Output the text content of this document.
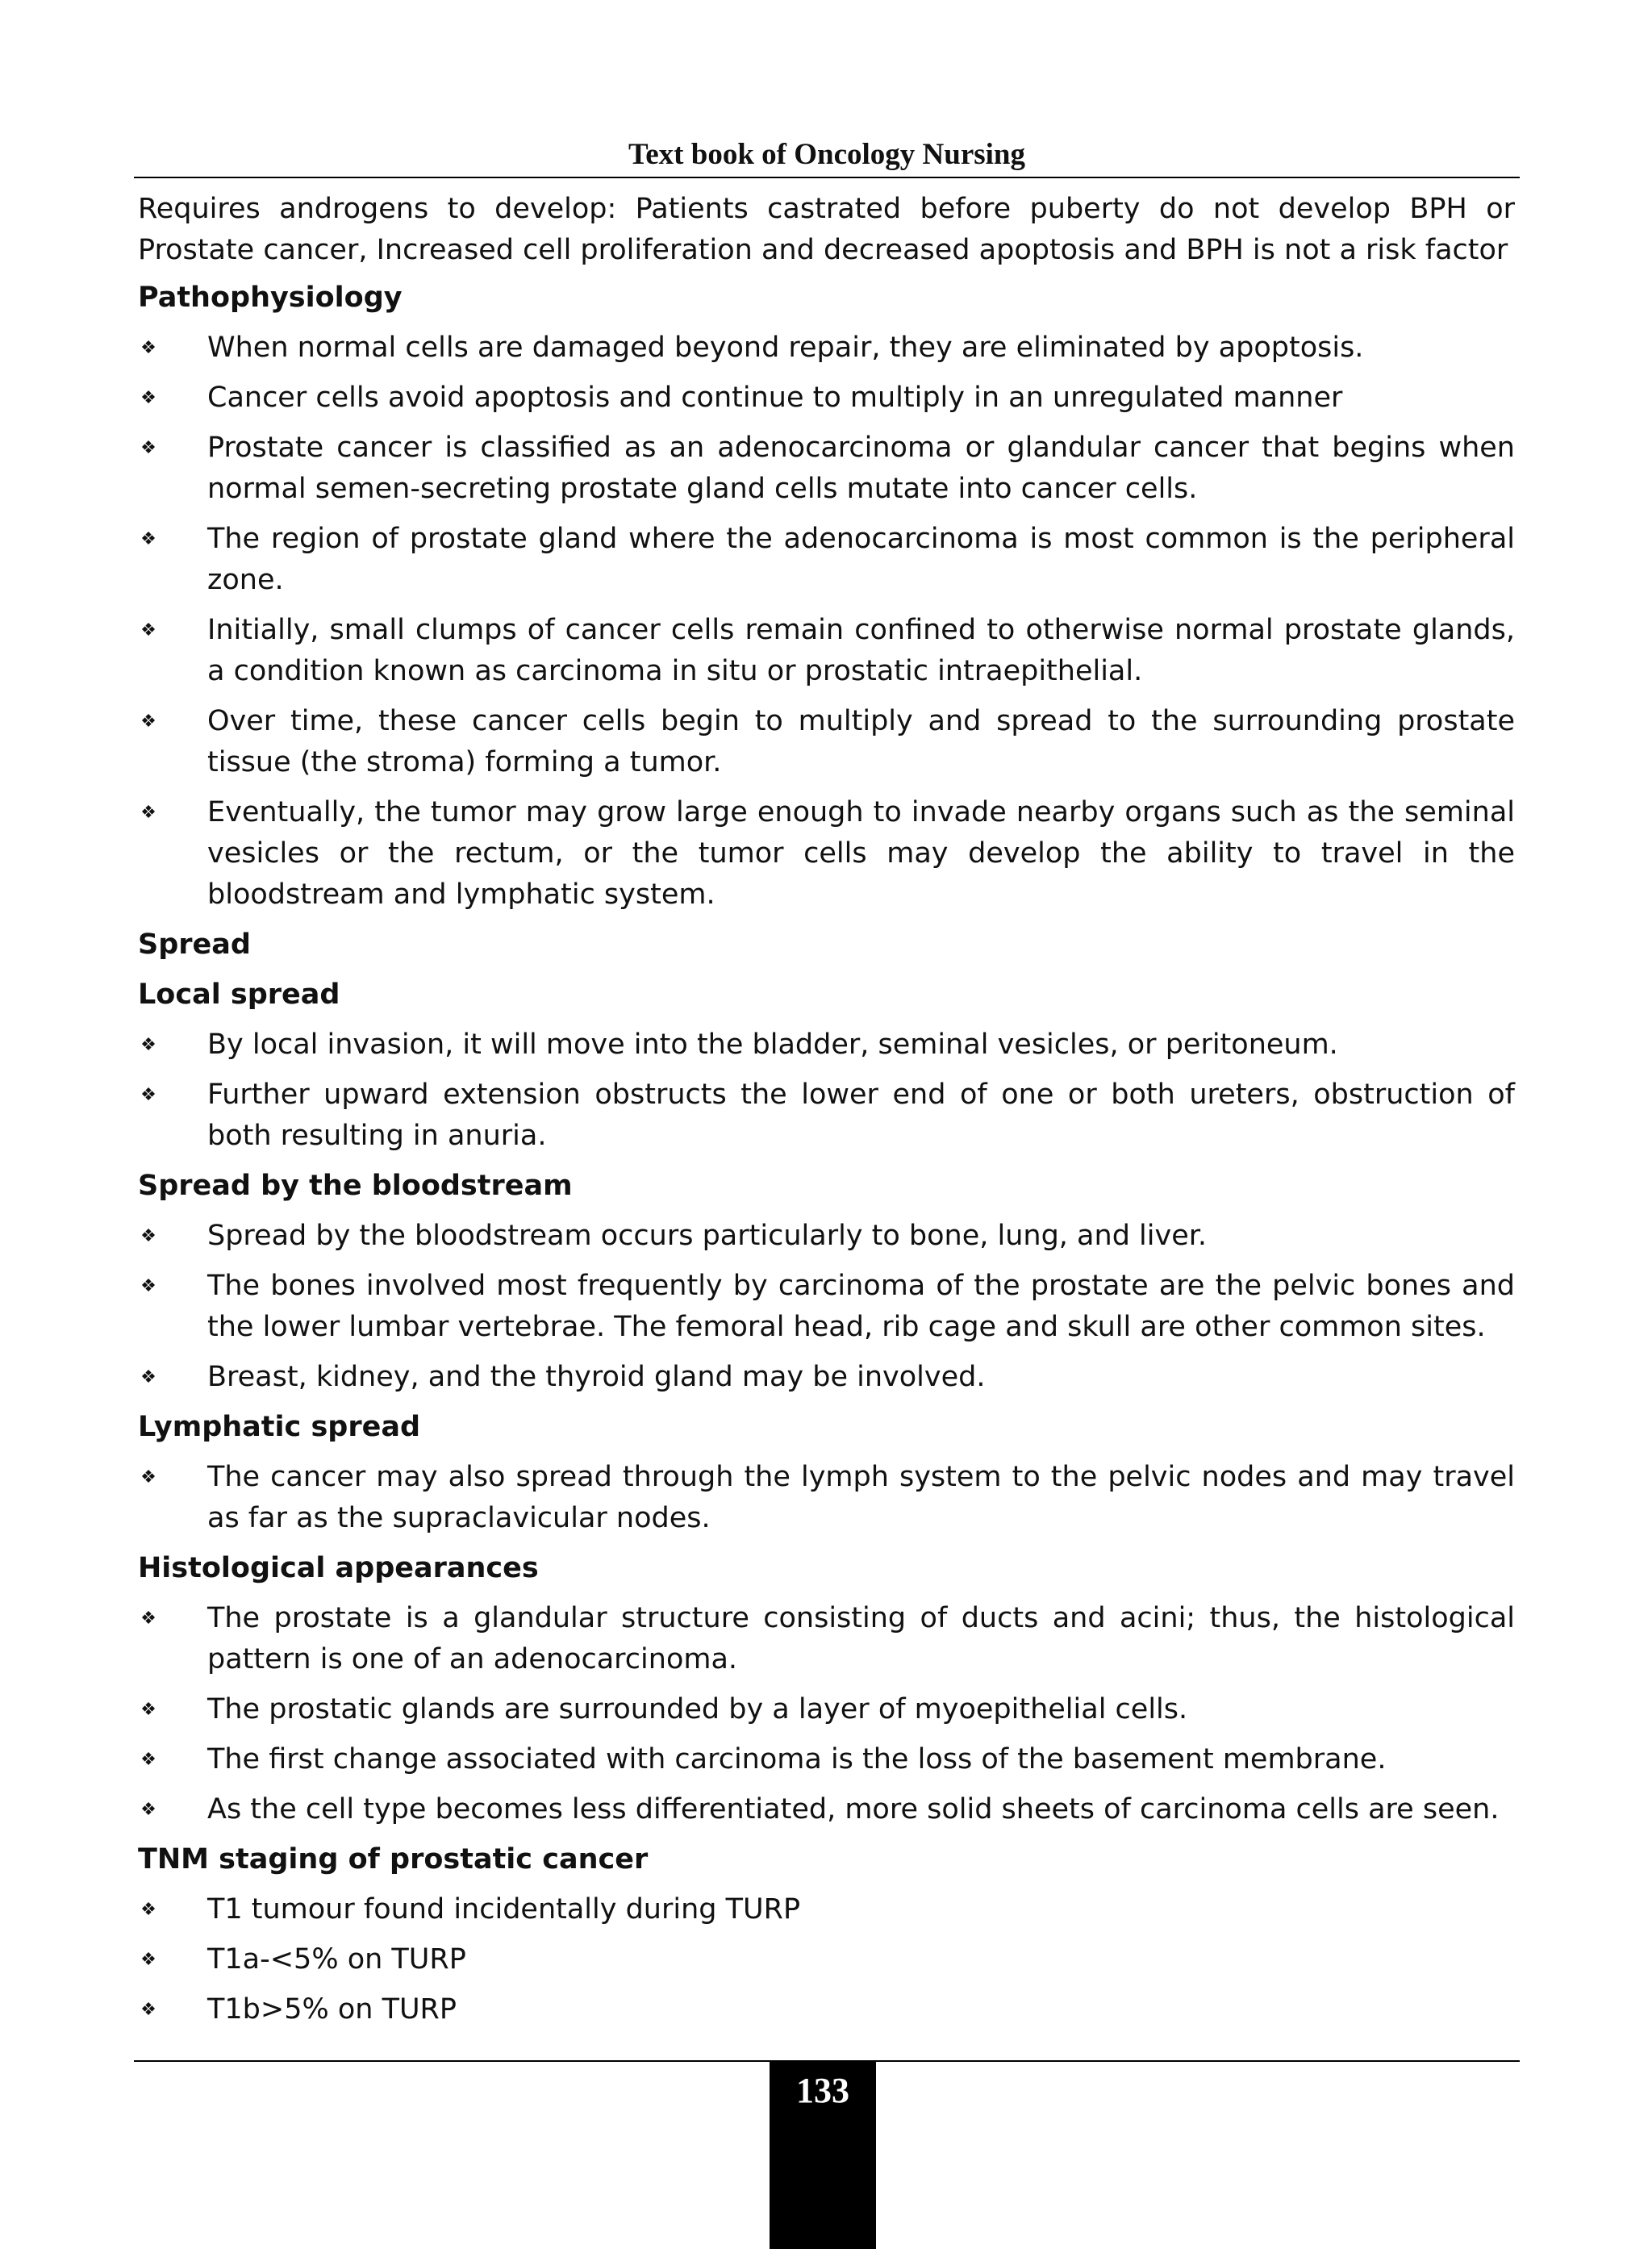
Text book of Oncology Nursing

Requires androgens to develop: Patients castrated before puberty do not develop BPH or Prostate cancer, Increased cell proliferation and decreased apoptosis and BPH is not a risk factor

Pathophysiology
❖ When normal cells are damaged beyond repair, they are eliminated by apoptosis.
❖ Cancer cells avoid apoptosis and continue to multiply in an unregulated manner
❖ Prostate cancer is classified as an adenocarcinoma or glandular cancer that begins when normal semen-secreting prostate gland cells mutate into cancer cells.
❖ The region of prostate gland where the adenocarcinoma is most common is the peripheral zone.
❖ Initially, small clumps of cancer cells remain confined to otherwise normal prostate glands, a condition known as carcinoma in situ or prostatic intraepithelial.
❖ Over time, these cancer cells begin to multiply and spread to the surrounding prostate tissue (the stroma) forming a tumor.
❖ Eventually, the tumor may grow large enough to invade nearby organs such as the seminal vesicles or the rectum, or the tumor cells may develop the ability to travel in the bloodstream and lymphatic system.
Spread
Local spread
❖ By local invasion, it will move into the bladder, seminal vesicles, or peritoneum.
❖ Further upward extension obstructs the lower end of one or both ureters, obstruction of both resulting in anuria.
Spread by the bloodstream
❖ Spread by the bloodstream occurs particularly to bone, lung, and liver.
❖ The bones involved most frequently by carcinoma of the prostate are the pelvic bones and the lower lumbar vertebrae. The femoral head, rib cage and skull are other common sites.
❖ Breast, kidney, and the thyroid gland may be involved.
Lymphatic spread
❖ The cancer may also spread through the lymph system to the pelvic nodes and may travel as far as the supraclavicular nodes.
Histological appearances
❖ The prostate is a glandular structure consisting of ducts and acini; thus, the histological pattern is one of an adenocarcinoma.
❖ The prostatic glands are surrounded by a layer of myoepithelial cells.
❖ The first change associated with carcinoma is the loss of the basement membrane.
❖ As the cell type becomes less differentiated, more solid sheets of carcinoma cells are seen.
TNM staging of prostatic cancer
❖ T1 tumour found incidentally during TURP
❖ T1a-<5% on TURP
❖ T1b>5% on TURP
133
